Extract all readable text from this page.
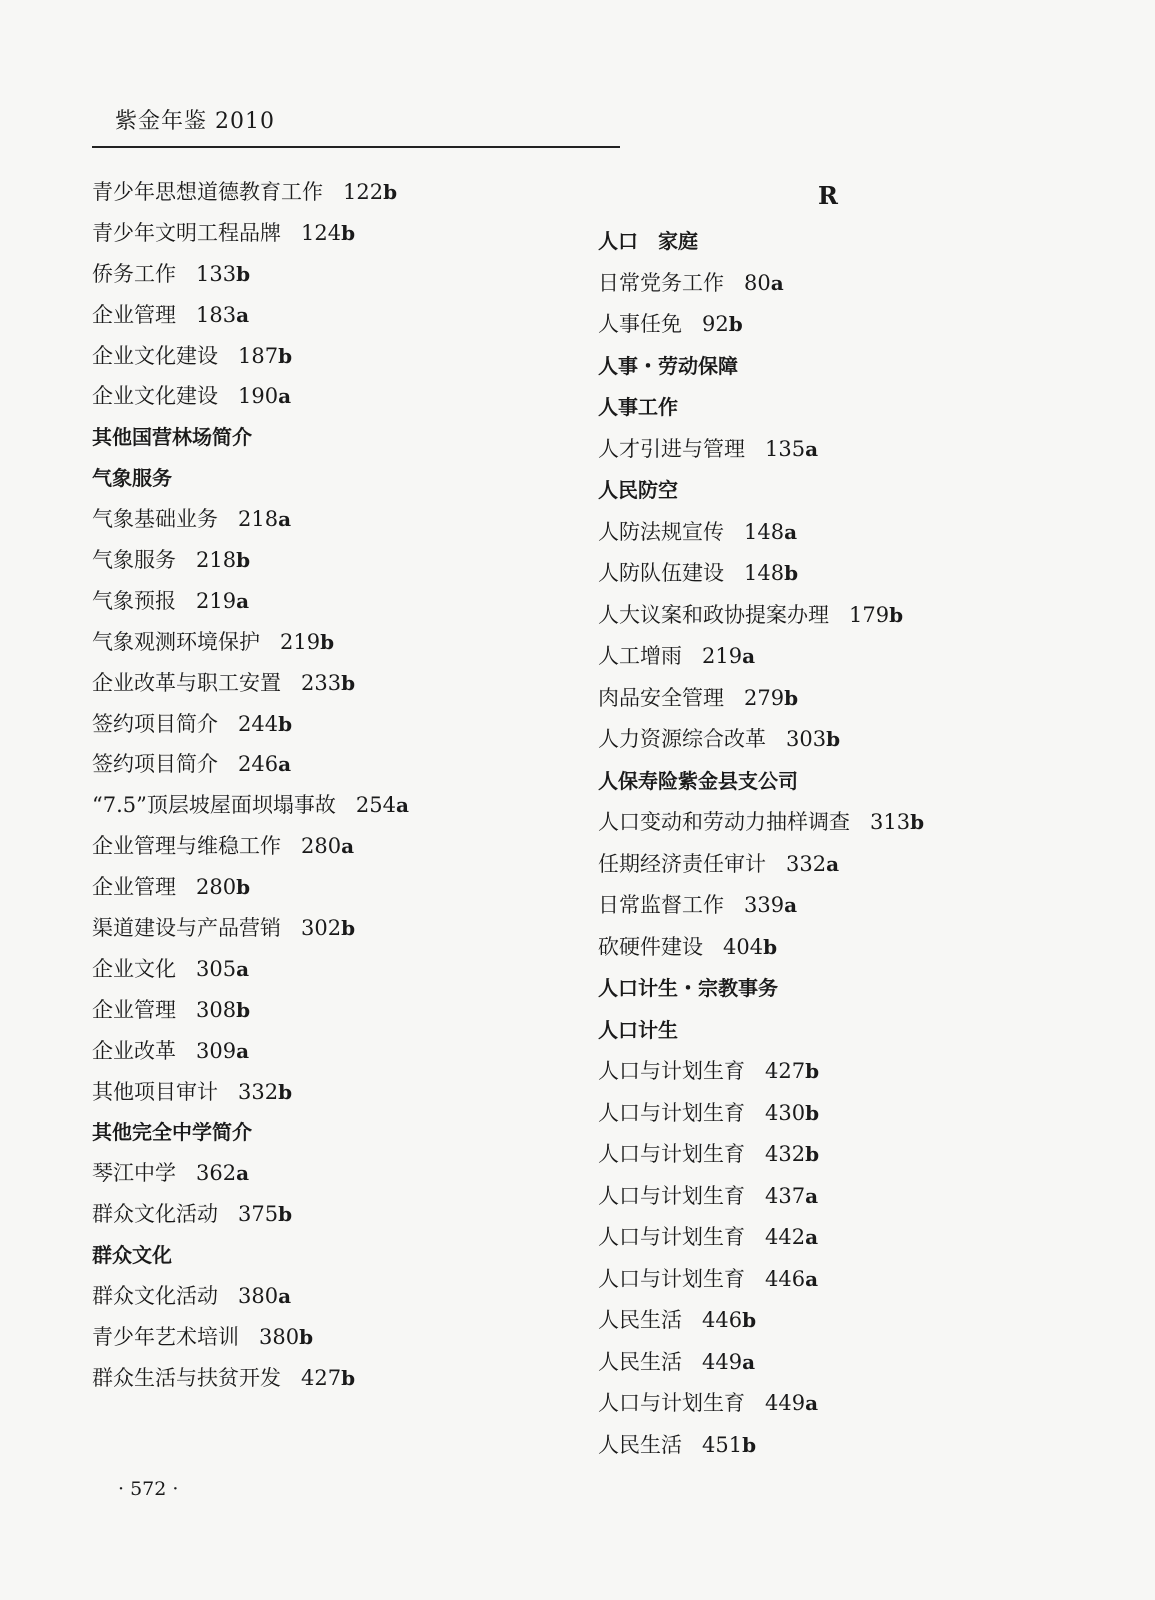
紫金年鉴 2010
青少年思想道德教育工作 122b
青少年文明工程品牌 124b
侨务工作 133b
企业管理 183a
企业文化建设 187b
企业文化建设 190a
其他国营林场简介
气象服务
气象基础业务 218a
气象服务 218b
气象预报 219a
气象观测环境保护 219b
企业改革与职工安置 233b
签约项目简介 244b
签约项目简介 246a
“7.5”顶层坡屋面坝塌事故 254a
企业管理与维稳工作 280a
企业管理 280b
渠道建设与产品营销 302b
企业文化 305a
企业管理 308b
企业改革 309a
其他项目审计 332b
其他完全中学简介
琴江中学 362a
群众文化活动 375b
群众文化
群众文化活动 380a
青少年艺术培训 380b
群众生活与扶贫开发 427b
R
人口　家庭
日常党务工作 80a
人事任免 92b
人事・劳动保障
人事工作
人才引进与管理 135a
人民防空
人防法规宣传 148a
人防队伍建设 148b
人大议案和政协提案办理 179b
人工增雨 219a
肉品安全管理 279b
人力资源综合改革 303b
人保寿险紫金县支公司
人口变动和劳动力抽样调查 313b
任期经济责任审计 332a
日常监督工作 339a
砍硬件建设 404b
人口计生・宗教事务
人口计生
人口与计划生育 427b
人口与计划生育 430b
人口与计划生育 432b
人口与计划生育 437a
人口与计划生育 442a
人口与计划生育 446a
人民生活 446b
人民生活 449a
人口与计划生育 449a
人民生活 451b
· 572 ·
